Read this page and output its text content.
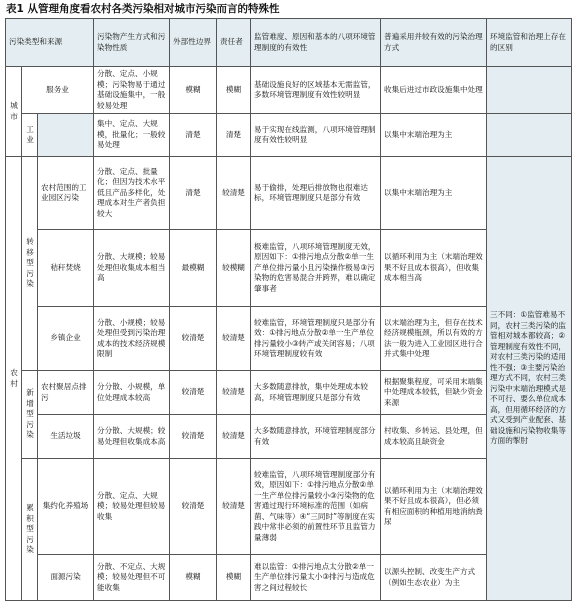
表1 从管理角度看农村各类污染相对城市污染而言的特殊性
污染类型和来源			污染物产生方式和污染物性质	外部性边界	责任者	监管难度、原因和基本的八项环境管理制度的有效性	普遍采用并较有效的污染治理方式	环境监管和治理上存在的区别	

城市	服务业		分散、定点、小规模；污染物易于通过基础设施集中，一般较易处理	模糊	模糊	基础设施良好的区域基本无需监管，多数环境管理制度有效性较明显	收集后进过市政设施集中处理		

	工业		集中、定点、大规模，批量化；一般较易处理	清楚	清楚	易于实现在线监测，八项环境管理制度有效性较明显	以集中末端治理为主		

农村	转移型污染	农村范围的工业园区污染	分散、定点、批量化；但因为技术水平低且产品多样化，处理成本对生产者负担较大	清楚	较清楚	易于偷排，处理后排放物也很难达标，环境管理制度只是部分有效	以集中末端治理为主	三不同：①监管难易不同，农村三类污染的监管相对城本都较高；②管理制度有效性不同，对农村三类污染的适用性不强；③主要污染治理方式不同，农村三类污染中末端治理模式是不可行、要么单位成本高，但用循环经济的方式又受到产业配套、基础设施和污染物收集等方面的掣肘	
		秸秆焚烧	分散、大规模；较易处理但收集成本相当高	最模糊	较模糊	极难监管，八项环境管理制度无效，原因如下：①排污地点分散②单一生产单位排污量小且污染操作极易③污染物的危害易混合并跨界，难以确定肇事者	以循环利用为主（末端治理效果不好且成本很高），但收集成本相当高		
		乡镇企业	分散、小规模；较易处理但受到污染治理成本的技术经济规模限制	较清楚	较清楚	较难监管，环境管理制度只是部分有效：①排污地点分散②单一生产单位排污量较小③转产或关闭容易；八项环境管理制度较有效	以末端治理为主，但存在技术经济规模瓶颈，所以有效的方法一般为进入工业园区进行合并式集中处理		

	新增型污染	农村聚居点排污	分分散、小规模，单位处理成本较高	较清楚	较清楚	大多数随意排放，集中处理成本较高，环境管理制度只是部分有效	根据聚集程度，可采用末端集中处理成本较低，但缺少资金来源		
		生活垃圾	分分散、大规模；较易处理但收集成本高	较清楚	较清楚	大多数随意排放，环境管理制度部分有效	村收集、乡转运、县处理，但成本较高且缺资金		

	累积型污染	集约化养殖场	分散、定点、大规模；较易处理但较易收集	较清楚	较清楚	较难监管，八项环境管理制度部分有效，原因如下：①排污地点分散②单一生产单位排污量较小③污染物的危害通过现行环境标准的范围（如病菌、气味等）④“三同时”等制度在实践中常非必须的前置性环节且监管力量薄弱	以循环利用为主（末端治理效果不好且成本很高），但必须有相应面积的种植用地消纳粪尿		
		面源污染	分散、不定点、大规模；较易处理但不可能收集	模糊	模糊	难以监管：①排污地点太分散②单一生产单位排污量太小③排污与造成危害之间过程较长	以源头控制、改变生产方式（例如生态农业）为主		
